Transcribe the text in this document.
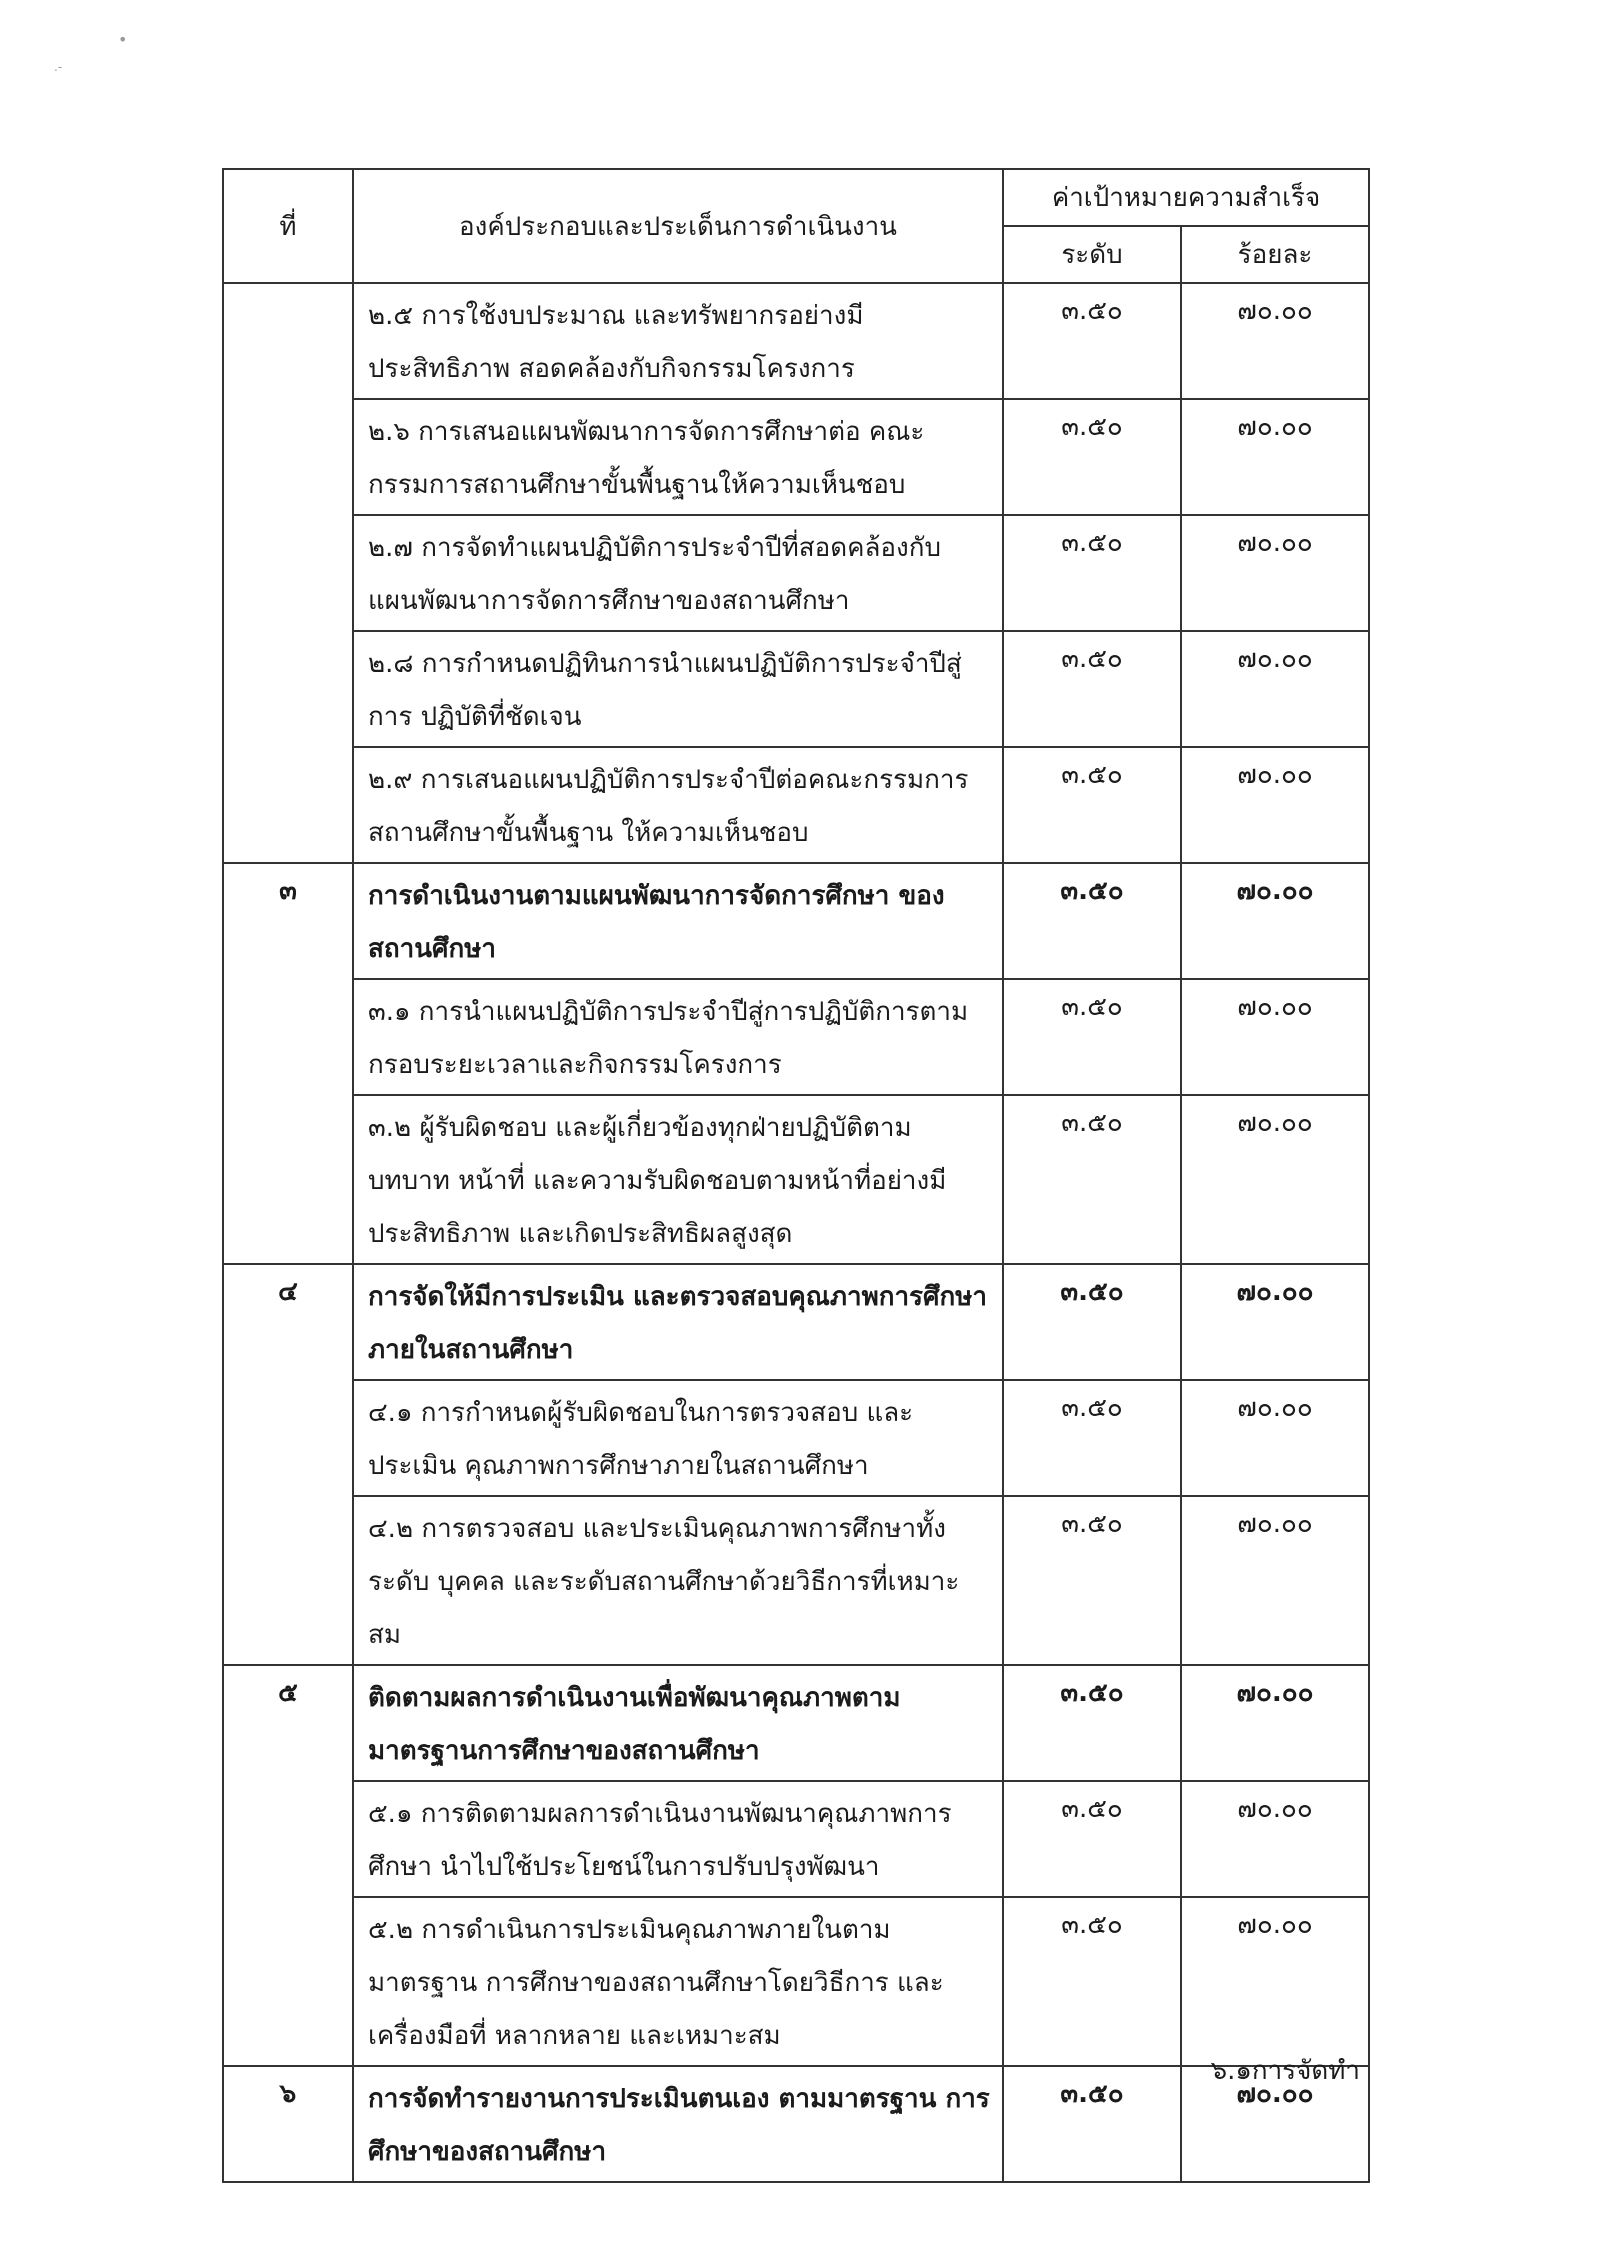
•
.-
ที่	องค์ประกอบและประเด็นการดำเนินงาน	ค่าเป้าหมายความสำเร็จ	
		ระดับ	ร้อยละ
	๒.๕ การใช้งบประมาณ และทรัพยากรอย่างมีประสิทธิภาพ สอดคล้องกับกิจกรรมโครงการ	๓.๕๐	๗๐.๐๐
	๒.๖ การเสนอแผนพัฒนาการจัดการศึกษาต่อ คณะกรรมการสถานศึกษาขั้นพื้นฐานให้ความเห็นชอบ	๓.๕๐	๗๐.๐๐
	๒.๗ การจัดทำแผนปฏิบัติการประจำปีที่สอดคล้องกับ แผนพัฒนาการจัดการศึกษาของสถานศึกษา	๓.๕๐	๗๐.๐๐
	๒.๘ การกำหนดปฏิทินการนำแผนปฏิบัติการประจำปีสู่การ ปฏิบัติที่ชัดเจน	๓.๕๐	๗๐.๐๐
	๒.๙ การเสนอแผนปฏิบัติการประจำปีต่อคณะกรรมการ สถานศึกษาขั้นพื้นฐาน ให้ความเห็นชอบ	๓.๕๐	๗๐.๐๐
๓	การดำเนินงานตามแผนพัฒนาการจัดการศึกษา ของ สถานศึกษา	๓.๕๐	๗๐.๐๐
	๓.๑ การนำแผนปฏิบัติการประจำปีสู่การปฏิบัติการตาม กรอบระยะเวลาและกิจกรรมโครงการ	๓.๕๐	๗๐.๐๐
	๓.๒ ผู้รับผิดชอบ และผู้เกี่ยวข้องทุกฝ่ายปฏิบัติตามบทบาท หน้าที่ และความรับผิดชอบตามหน้าที่อย่างมีประสิทธิภาพ และเกิดประสิทธิผลสูงสุด	๓.๕๐	๗๐.๐๐
๔	การจัดให้มีการประเมิน และตรวจสอบคุณภาพการศึกษา ภายในสถานศึกษา	๓.๕๐	๗๐.๐๐
	๔.๑ การกำหนดผู้รับผิดชอบในการตรวจสอบ และประเมิน คุณภาพการศึกษาภายในสถานศึกษา	๓.๕๐	๗๐.๐๐
	๔.๒ การตรวจสอบ และประเมินคุณภาพการศึกษาทั้งระดับ บุคคล และระดับสถานศึกษาด้วยวิธีการที่เหมาะสม	๓.๕๐	๗๐.๐๐
๕	ติดตามผลการดำเนินงานเพื่อพัฒนาคุณภาพตาม มาตรฐานการศึกษาของสถานศึกษา	๓.๕๐	๗๐.๐๐
	๕.๑ การติดตามผลการดำเนินงานพัฒนาคุณภาพการศึกษา นำไปใช้ประโยชน์ในการปรับปรุงพัฒนา	๓.๕๐	๗๐.๐๐
	๕.๒ การดำเนินการประเมินคุณภาพภายในตามมาตรฐาน การศึกษาของสถานศึกษาโดยวิธีการ และเครื่องมือที่ หลากหลาย และเหมาะสม	๓.๕๐	๗๐.๐๐
๖	การจัดทำรายงานการประเมินตนเอง ตามมาตรฐาน การศึกษาของสถานศึกษา	๓.๕๐	๗๐.๐๐
๖.๑การจัดทำ
